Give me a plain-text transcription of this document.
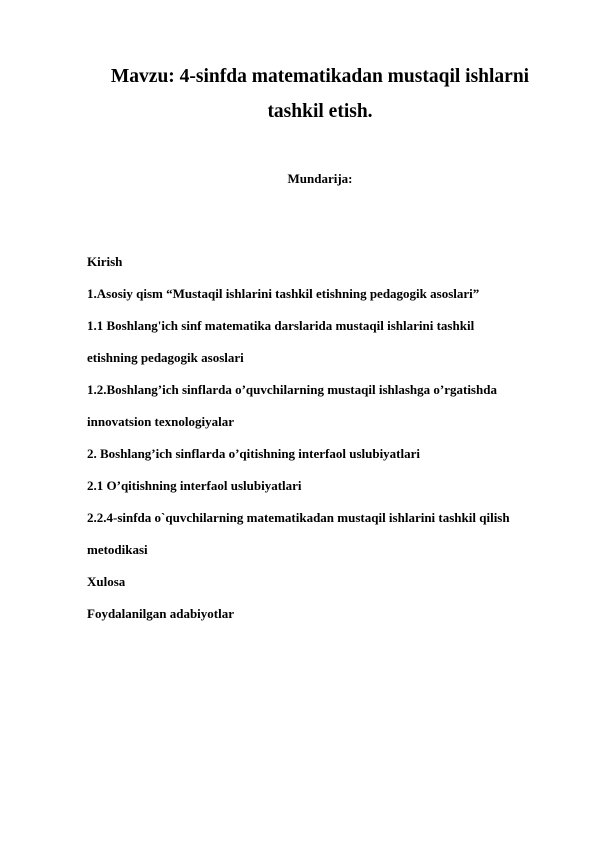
Mavzu: 4-sinfda matematikadan mustaqil ishlarni
tashkil etish.
Mundarija:
Kirish
1.Asosiy qism “Mustaqil ishlarini tashkil etishning pedagogik asoslari”
1.1 Boshlang'ich sinf matematika darslarida mustaqil ishlarini tashkil
etishning pedagogik asoslari
1.2.Boshlang’ich sinflarda o’quvchilarning mustaqil ishlashga o’rgatishda
innovatsion texnologiyalar
2. Boshlang’ich sinflarda o’qitishning interfaol uslubiyatlari
2.1 O’qitishning interfaol uslubiyatlari
2.2.4-sinfda o`quvchilarning matematikadan mustaqil ishlarini tashkil qilish
metodikasi
Xulosa
Foydalanilgan adabiyotlar
